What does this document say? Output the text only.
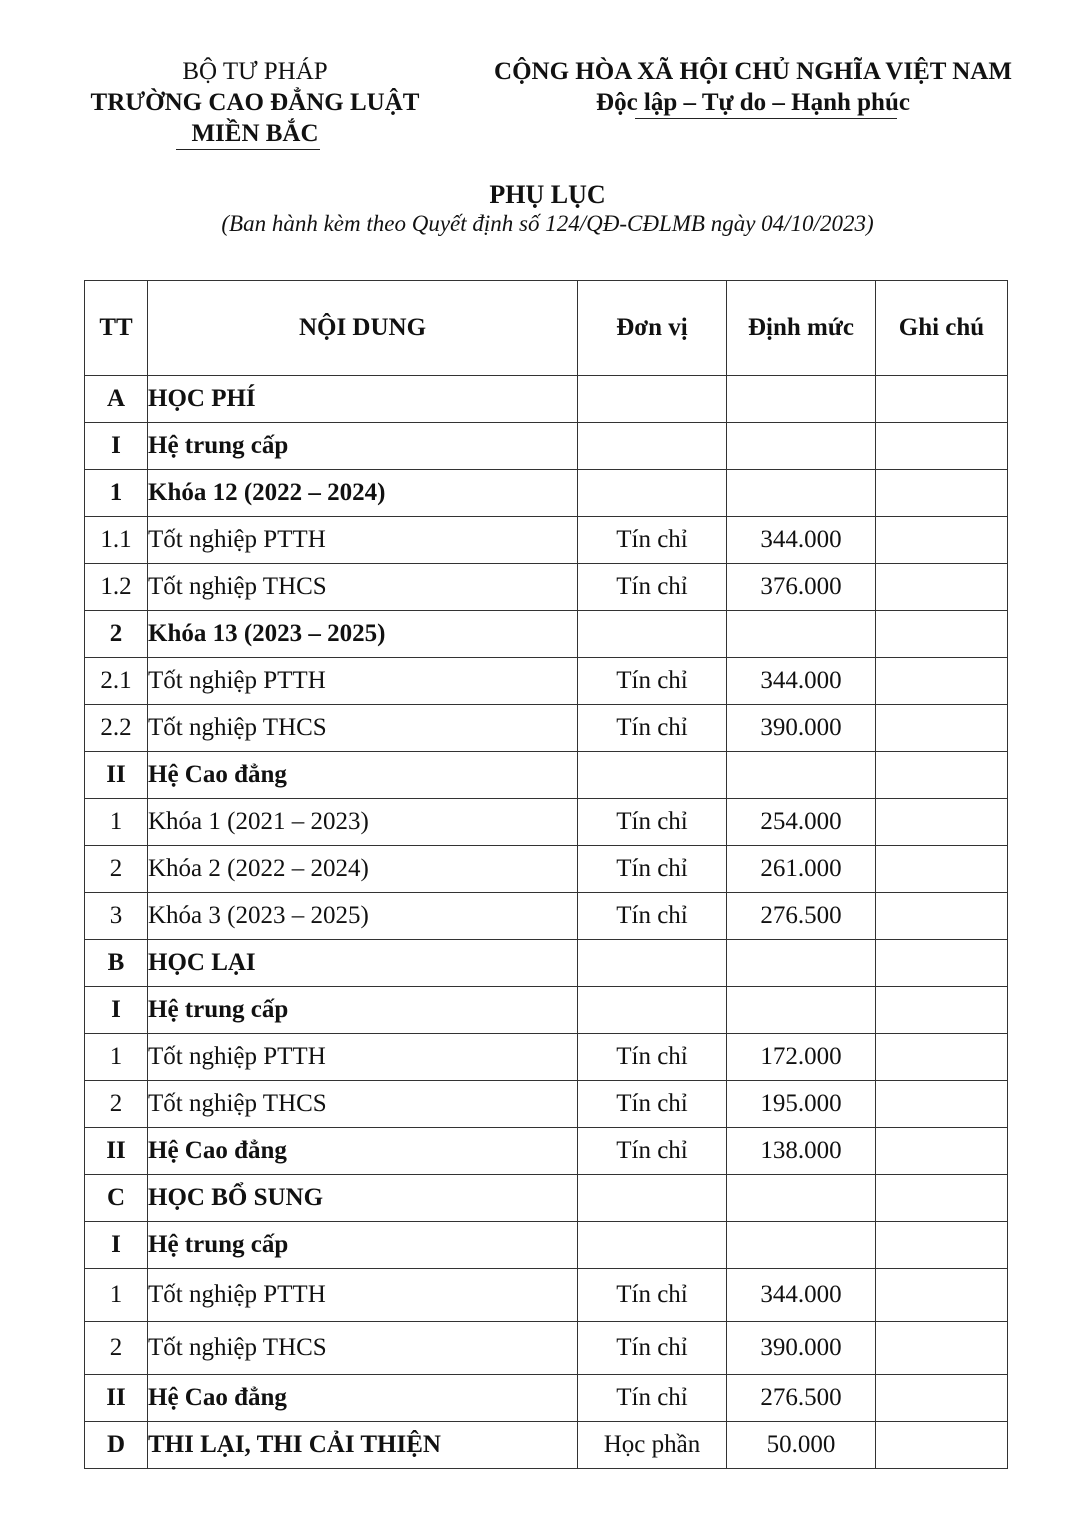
BỘ TƯ PHÁP
TRƯỜNG CAO ĐẲNG LUẬT
MIỀN BẮC
CỘNG HÒA XÃ HỘI CHỦ NGHĨA VIỆT NAM
Độc lập – Tự do – Hạnh phúc
PHỤ LỤC
(Ban hành kèm theo Quyết định số 124/QĐ-CĐLMB ngày 04/10/2023)
TT	NỘI DUNG	Đơn vị	Định mức	Ghi chú
A	HỌC PHÍ			
I	Hệ trung cấp			
1	Khóa 12 (2022 – 2024)			
1.1	Tốt nghiệp PTTH	Tín chỉ	344.000	
1.2	Tốt nghiệp THCS	Tín chỉ	376.000	
2	Khóa 13 (2023 – 2025)			
2.1	Tốt nghiệp PTTH	Tín chỉ	344.000	
2.2	Tốt nghiệp THCS	Tín chỉ	390.000	
II	Hệ Cao đẳng			
1	Khóa 1 (2021 – 2023)	Tín chỉ	254.000	
2	Khóa 2 (2022 – 2024)	Tín chỉ	261.000	
3	Khóa 3 (2023 – 2025)	Tín chỉ	276.500	
B	HỌC LẠI			
I	Hệ trung cấp			
1	Tốt nghiệp PTTH	Tín chỉ	172.000	
2	Tốt nghiệp THCS	Tín chỉ	195.000	
II	Hệ Cao đẳng	Tín chỉ	138.000	
C	HỌC BỔ SUNG			
I	Hệ trung cấp			
1	Tốt nghiệp PTTH	Tín chỉ	344.000	
2	Tốt nghiệp THCS	Tín chỉ	390.000	
II	Hệ Cao đẳng	Tín chỉ	276.500	
D	THI LẠI, THI CẢI THIỆN	Học phần	50.000	
